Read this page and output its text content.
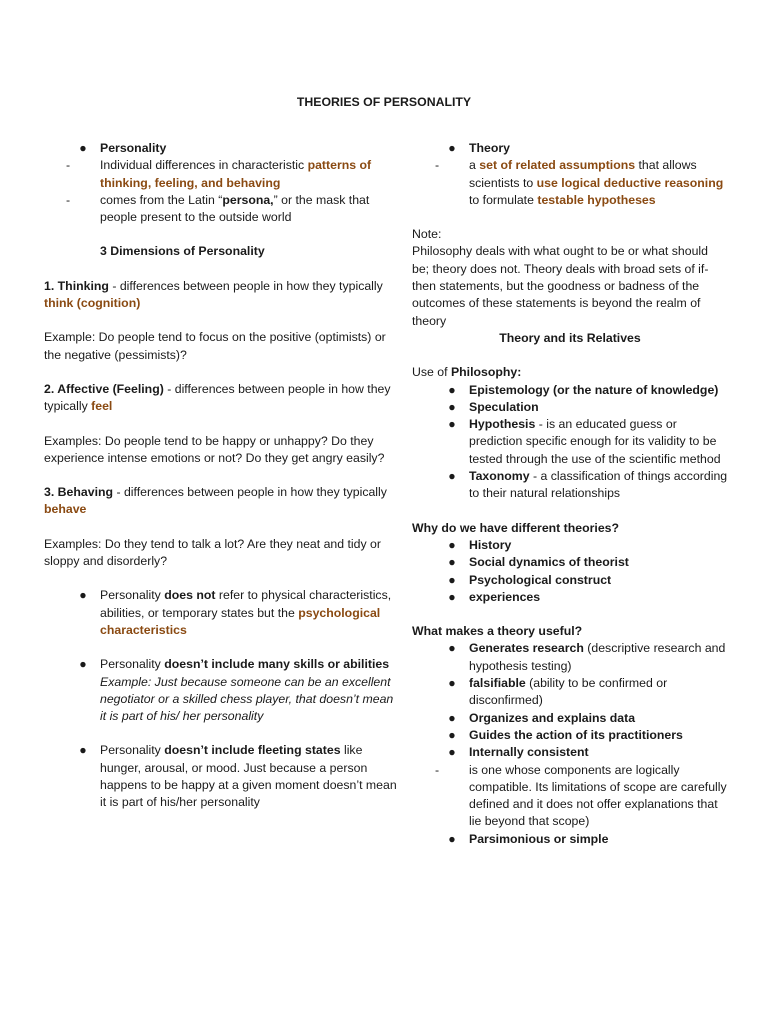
THEORIES OF PERSONALITY
●	Personality
-	Individual differences in characteristic patterns of thinking, feeling, and behaving
-	comes from the Latin “persona,” or the mask that people present to the outside world

3 Dimensions of Personality

1. Thinking - differences between people in how they typically think (cognition)

Example: Do people tend to focus on the positive (optimists) or the negative (pessimists)?

2. Affective (Feeling) - differences between people in how they typically feel

Examples: Do people tend to be happy or unhappy? Do they experience intense emotions or not? Do they get angry easily?

3. Behaving - differences between people in how they typically behave

Examples: Do they tend to talk a lot? Are they neat and tidy or sloppy and disorderly?

●	Personality does not refer to physical characteristics, abilities, or temporary states but the psychological characteristics
●	Personality doesn’t include many skills or abilities
Example: Just because someone can be an excellent negotiator or a skilled chess player, that doesn’t mean it is part of his/ her personality
●	Personality doesn’t include fleeting states like hunger, arousal, or mood. Just because a person happens to be happy at a given moment doesn’t mean it is part of his/her personality
●	Theory
-	a set of related assumptions that allows scientists to use logical deductive reasoning to formulate testable hypotheses

Note:

Philosophy deals with what ought to be or what should be; theory does not. Theory deals with broad sets of if-then statements, but the goodness or badness of the outcomes of these statements is beyond the realm of theory

Theory and its Relatives

Use of Philosophy:

●	Epistemology (or the nature of knowledge)
●	Speculation
●	Hypothesis - is an educated guess or prediction specific enough for its validity to be tested through the use of the scientific method
●	Taxonomy - a classification of things according to their natural relationships

Why do we have different theories?

●	History
●	Social dynamics of theorist
●	Psychological construct
●	experiences

What makes a theory useful?

●	Generates research (descriptive research and hypothesis testing)
●	falsifiable (ability to be confirmed or disconfirmed)
●	Organizes and explains data
●	Guides the action of its practitioners
●	Internally consistent
-	is one whose components are logically compatible. Its limitations of scope are carefully defined and it does not offer explanations that lie beyond that scope)
●	Parsimonious or simple
